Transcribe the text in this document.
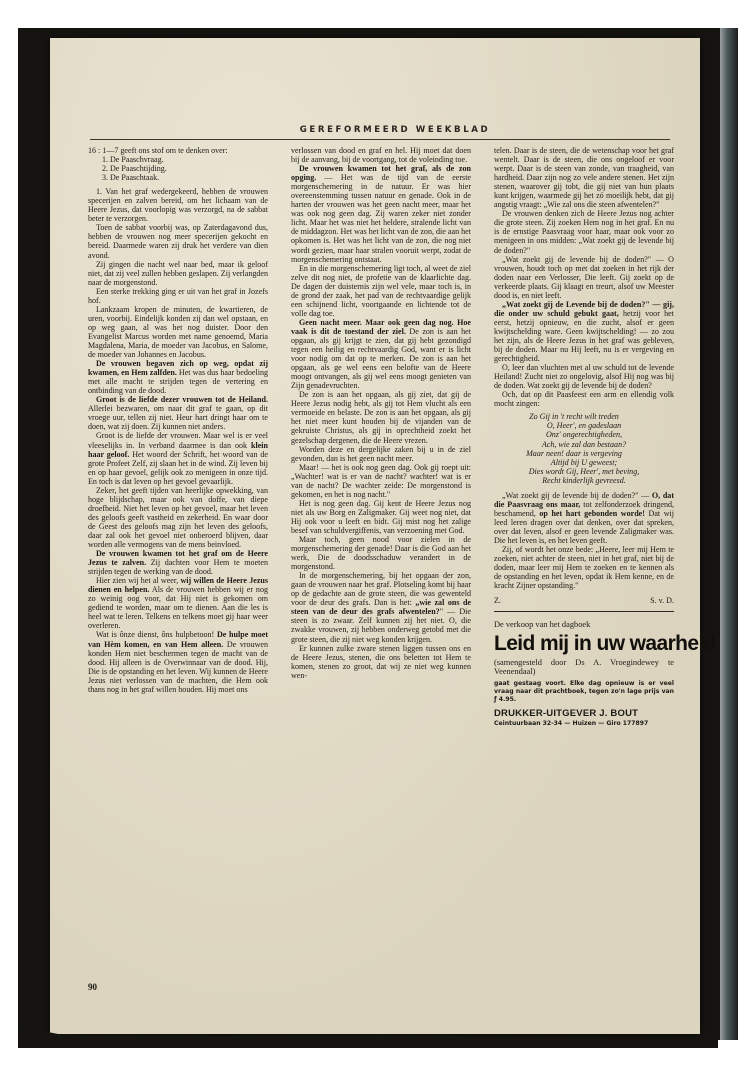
GEREFORMEERD WEEKBLAD

16 : 1—7 geeft ons stof om te denken over:

1. De Paaschvraag.
2. De Paaschtijding.
3. De Paaschtaak.

1. Van het graf wedergekeerd, hebben de vrouwen specerijen en zalven bereid, om het lichaam van de Heere Jezus, dat voorlopig was verzorgd, na de sabbat beter te verzorgen.

Toen de sabbat voorbij was, op Zaterdagavond dus, hebben de vrouwen nog meer specerijen gekocht en bereid. Daarmede waren zij druk het verdere van dien avond.

Zij gingen die nacht wel naar bed, maar ik geloof niet, dat zij veel zullen hebben geslapen. Zij verlangden naar de morgenstond.

Een sterke trekking ging er uit van het graf in Jozefs hof.

Lankzaam kropen de minuten, de kwartieren, de uren, voorbij. Eindelijk konden zij dan wel opstaan, en op weg gaan, al was het nog duister. Door den Evangelist Marcus worden met name genoemd, Maria Magdalena, Maria, de moeder van Jacobus, en Salome, de moeder van Johannes en Jacobus.

De vrouwen begaven zich op weg, opdat zij kwamen, en Hem zalfden. Het was dus haar bedoeling met alle macht te strijden tegen de vertering en ontbinding van de dood.

Groot is de liefde dezer vrouwen tot de Heiland. Allerlei bezwaren, om naar dit graf te gaan, op dit vroege uur, tellen zij niet. Heur hart dringt haar om te doen, wat zij doen. Zij kunnen niet anders.

Groot is de liefde der vrouwen. Maar wel is er veel vleeselijks in. In verband daarmee is dan ook klein haar geloof. Het woord der Schrift, het woord van de grote Profeet Zelf, zij slaan het in de wind. Zij leven bij en op haar gevoel, gelijk ook zo menigeen in onze tijd. En toch is dat leven op het gevoel gevaarlijk.

Zeker, het geeft tijden van heerlijke opwekking, van hoge blijdschap, maar ook van doffe, van diepe droefheid. Niet het leven op het gevoel, maar het leven des geloofs geeft vastheid en zekerheid. En waar door de Geest des geloofs mag zijn het leven des geloofs, daar zal ook het gevoel niet onberoerd blijven, daar worden alle vermogens van de mens beinvloed.

De vrouwen kwamen tot het graf om de Heere Jezus te zalven. Zij dachten voor Hem te moeten strijden tegen de werking van de dood.

Hier zien wij het al weer, wij willen de Heere Jezus dienen en helpen. Als de vrouwen hebben wij er nog zo weinig oog voor, dat Hij niet is gekomen om gediend te worden, maar om te dienen. Aan die les is heel wat te leren. Telkens en telkens moet gij haar weer overleren.

Wat is ônze dienst, ôns hulpbetoon! De hulpe moet van Hèm komen, en van Hem alleen. De vrouwen konden Hem niet beschermen tegen de macht van de dood. Hij alleen is de Overwinnaar van de dood. Hij, Die is de opstanding en het leven. Wij kunnen de Heere Jezus niet verlossen van de machten, die Hem ook thans nog in het graf willen houden. Hij moet ons

verlossen van dood en graf en hel. Hij moet dat doen bij de aanvang, bij de voortgang, tot de voleinding toe.

De vrouwen kwamen tot het graf, als de zon opging. — Het was de tijd van de eerste morgenschemering in de natuur. Er was hier overeenstemming tussen natuur en genade. Ook in de harten der vrouwen was het geen nacht meer, maar het was ook nog geen dag. Zij waren zeker niet zonder licht. Maar het was niet het heldere, stralende licht van de middagzon. Het was het licht van de zon, die aan het opkomen is. Het was het licht van de zon, die nog niet wordt gezien, maar haar stralen vooruit werpt, zodat de morgenschemering ontstaat.

En in die morgenschemering ligt toch, al weet de ziel zelve dit nog niet, de profetie van de klaarlichte dag. De dagen der duisternis zijn wel vele, maar toch is, in de grond der zaak, het pad van de rechtvaardige gelijk een schijnend licht, voortgaande en lichtende tot de volle dag toe.

Geen nacht meer. Maar ook geen dag nog. Hoe vaak is dit de toestand der ziel. De zon is aan het opgaan, als gij krijgt te zien, dat gij hebt gezondigd tegen een heilig en rechtvaardig God, want er is licht voor nodig om dat op te merken. De zon is aan het opgaan, als ge wel eens een belofte van de Heere moogt ontvangen, als gij wel eens moogt genieten van Zijn genadevruchten.

De zon is aan het opgaan, als gij ziet, dat gij de Heere Jezus nodig hebt, als gij tot Hem vlucht als een vermoeide en belaste. De zon is aan het opgaan, als gij het niet meer kunt houden bij de vijanden van de gekruiste Christus, als gij in oprechtheid zoekt het gezelschap dergenen, die de Heere vrezen.

Worden deze en dergelijke zaken bij u in de ziel gevonden, dan is het geen nacht meer.

Maar! — het is ook nog geen dag. Ook gij roept uit: „Wachter! wat is er van de nacht? wachter! wat is er van de nacht? De wachter zeide: De morgenstond is gekomen, en het is nog nacht."

Het is nog geen dag. Gij kent de Heere Jezus nog niet als uw Borg en Zaligmaker. Gij weet nog niet, dat Hij ook voor u leeft en bidt. Gij mist nog het zalige besef van schuldvergiffenis, van verzoening met God.

Maar toch, geen nood voor zielen in de morgenschemering der genade! Daar is die God aan het werk, Die de doodsschaduw verandert in de morgenstond.

In de morgenschemering, bij het opgaan der zon, gaan de vrouwen naar het graf. Plotseling komt bij haar op de gedachte aan de grote steen, die was gewenteld voor de deur des grafs. Dan is het: „wie zal ons de steen van de deur des grafs afwentelen?" — Die steen is zo zwaar. Zelf kunnen zij het niet. O, die zwakke vrouwen, zij hebben onderweg getobd met die grote steen, die zij niet weg konden krijgen.

Er kunnen zulke zware stenen liggen tussen ons en de Heere Jezus, stenen, die ons beletten tot Hem te komen, stenen zo groot, dat wij ze niet weg kunnen wen-

telen. Daar is de steen, die de wetenschap voor het graf wentelt. Daar is de steen, die ons ongeloof er voor werpt. Daar is de steen van zonde, van traagheid, van hardheid. Daar zijn nog zo vele andere stenen. Het zijn stenen, waarover gij tobt, die gij niet van hun plaats kunt krijgen, waarmede gij het zó moeilijk hebt, dat gij angstig vraagt: „Wie zal ons die steen afwentelen?"

De vrouwen denken zich de Heere Jezus nog achter die grote steen. Zij zoeken Hem nog in het graf. En nu is de ernstige Paasvraag voor haar, maar ook voor zo menigeen in ons midden: „Wat zoekt gij de levende bij de doden?"

„Wat zoekt gij de levende bij de doden?" — O vrouwen, houdt toch op met dat zoeken in het rijk der doden naar een Verlosser, Die leeft. Gij zoekt op de verkeerde plaats. Gij klaagt en treurt, alsof uw Meester dood is, en niet leeft.

„Wat zoekt gij de Levende bij de doden?" — gij, die onder uw schuld gebukt gaat, hetzij voor het eerst, hetzij opnieuw, en die zucht, alsof er geen kwijtschelding ware. Geen kwijtschelding! — zo zou het zijn, als de Heere Jezus in het graf was gebleven, bij de doden. Maar nu Hij leeft, nu is er vergeving en gerechtigheid.

O, leer dan vluchten met al uw schuld tot de levende Heiland! Zucht niet zo ongelovig, alsof Hij nog was bij de doden. Wat zoekt gij de levende bij de doden?

Och, dat op dit Paasfeest een arm en ellendig volk mocht zingen:

Zo Gij in 't recht wilt treden
O, Heer', en gadeslaan
Onz' ongerechtigheden,
Ach, wie zal dan bestaan?
Maar neen! daar is vergeving
Altijd bij U geweest;
Dies wordt Gij, Heer', met beving,
Recht kinderlijk gevreesd.

„Wat zoekt gij de levende bij de doden?" — O, dat die Paasvraag ons maar, tot zelfonderzoek dringend, beschamend, op het hart gebonden worde! Dat wij leed leren dragen over dat denken, over dat spreken, over dat leven, alsof er geen levende Zaligmaker was. Die het leven is, en het leven geeft.

Zij, of wordt het onze bede: „Heere, leer mij Hem te zoeken, niet achter de steen, niet in het graf, niet bij de doden, maar leer mij Hem te zoeken en te kennen als de opstanding en het leven, opdat ik Hem kenne, en de kracht Zijner opstanding."

Z.	S. v. D.
De verkoop van het dagboek
Leid mij in uw waarheid
(samengesteld door Ds A. Vroegindewey te Veenendaal)
gaat gestaag voort. Elke dag opnieuw is er veel vraag naar dit prachtboek, tegen zo'n lage prijs van ƒ 4.95.
DRUKKER-UITGEVER J. BOUT
Ceintuurbaan 32-34 — Huizen — Giro 177897
90
